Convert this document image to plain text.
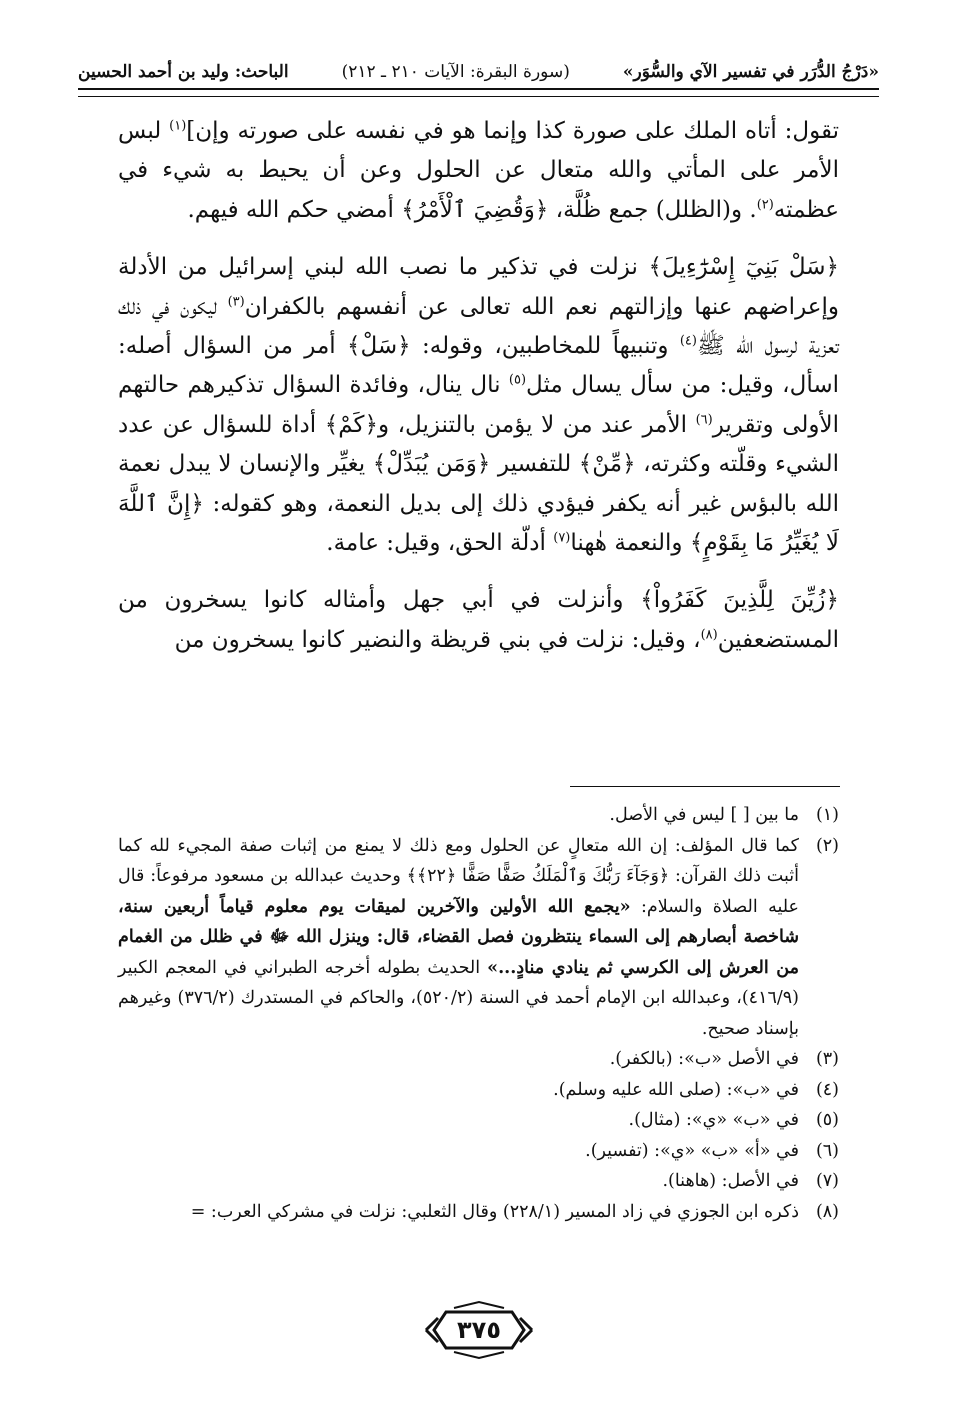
«دَرْجُ الدُّرَر في تفسير الآي والسُّوَر»
(سورة البقرة: الآيات ٢١٠ ـ ٢١٢)
الباحث: وليد بن أحمد الحسين

تقول: أتاه الملك على صورة كذا وإنما هو في نفسه على صورته وإن]$^{(١)}$ لبس الأمر على المأتي والله متعال عن الحلول وعن أن يحيط به شيء في عظمته$^{(٢)}$. و(الظلل) جمع ظُلَّة، ﴿وَقُضِيَ ٱلْأَمْرُ﴾ أمضي حكم الله فيهم.

﴿سَلْ بَنِيٓ إِسْرَٰٓءِيلَ﴾ نزلت في تذكير ما نصب الله لبني إسرائيل من الأدلة وإعراضهم عنها وإزالتهم نعم الله تعالى عن أنفسهم بالكفران$^{(٣)}$ ليكون في ذلك تعزية لرسول الله ﷺ$^{(٤)}$ وتنبيهاً للمخاطبين، وقوله: ﴿سَلْ﴾ أمر من السؤال أصله: اسأل، وقيل: من سأل يسال مثل$^{(٥)}$ نال ينال، وفائدة السؤال تذكيرهم حالتهم الأولى وتقرير$^{(٦)}$ الأمر عند من لا يؤمن بالتنزيل، و﴿كَمْ﴾ أداة للسؤال عن عدد الشيء وقلّته وكثرته، ﴿مِّنْ﴾ للتفسير ﴿وَمَن يُبَدِّلْ﴾ يغيِّر والإنسان لا يبدل نعمة الله بالبؤس غير أنه يكفر فيؤدي ذلك إلى بديل النعمة، وهو كقوله: ﴿إِنَّ ٱللَّهَ لَا يُغَيِّرُ مَا بِقَوْمٍ﴾ والنعمة هٰهنا$^{(٧)}$ أدلّة الحق، وقيل: عامة.

﴿زُيِّنَ لِلَّذِينَ كَفَرُواْ﴾ وأنزلت في أبي جهل وأمثاله كانوا يسخرون من المستضعفين$^{(٨)}$، وقيل: نزلت في بني قريظة والنضير كانوا يسخرون من

(١)
ما بين [ ] ليس في الأصل.
(٢)
كما قال المؤلف: إن الله متعالٍ عن الحلول ومع ذلك لا يمنع من إثبات صفة المجيء لله كما أثبت ذلك القرآن: ﴿وَجَآءَ رَبُّكَ وَٱلْمَلَكُ صَفًّا صَفًّا ﴿٢٢﴾﴾ وحديث عبدالله بن مسعود مرفوعاً: قال عليه الصلاة والسلام: «يجمع الله الأولين والآخرين لميقات يوم معلوم قياماً أربعين سنة، شاخصة أبصارهم إلى السماء ينتظرون فصل القضاء، قال: وينزل الله ﷻ في ظلل من الغمام من العرش إلى الكرسي ثم ينادي منادٍ...» الحديث بطوله أخرجه الطبراني في المعجم الكبير (٤١٦/٩)، وعبدالله ابن الإمام أحمد في السنة (٥٢٠/٢)، والحاكم في المستدرك (٣٧٦/٢) وغيرهم بإسناد صحيح.
(٣)
في الأصل «ب»: (بالكفر).
(٤)
في «ب»: (صلى الله عليه وسلم).
(٥)
في «ب» «ي»: (مثال).
(٦)
في «أ» «ب» «ي»: (تفسير).
(٧)
في الأصل: (هاهنا).
(٨)
ذكره ابن الجوزي في زاد المسير (٢٢٨/١) وقال الثعلبي: نزلت في مشركي العرب: =
٣٧٥
